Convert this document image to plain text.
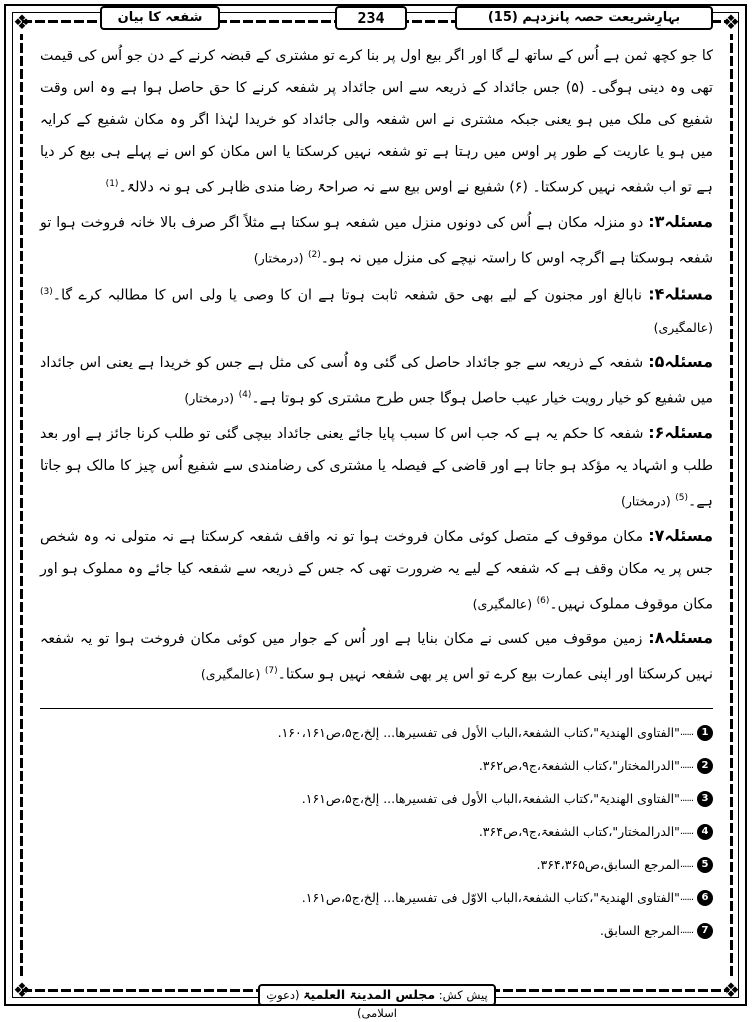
❖	❖
❖	❖
شفعہ کا بیان	234	بہارِشریعت حصہ پانزدہم (15)

کا جو کچھ ثمن ہے اُس کے ساتھ لے گا اور اگر بیع اول پر بنا کرے تو مشتری کے قبضہ کرنے کے دن جو اُس کی قیمت تھی وہ دینی ہوگی۔ (۵) جس جائداد کے ذریعہ سے اس جائداد پر شفعہ کرنے کا حق حاصل ہوا ہے وہ اس وقت شفیع کی ملک میں ہو یعنی جبکہ مشتری نے اس شفعہ والی جائداد کو خریدا لہٰذا اگر وہ مکان شفیع کے کرایہ میں ہو یا عاریت کے طور پر اوس میں رہتا ہے تو شفعہ نہیں کرسکتا یا اس مکان کو اس نے پہلے ہی بیع کر دیا ہے تو اب شفعہ نہیں کرسکتا۔ (۶) شفیع نے اوس بیع سے نہ صراحۃً رضا مندی ظاہر کی ہو نہ دلالۃً۔$^{(1)}$

مسئلہ۳: دو منزلہ مکان ہے اُس کی دونوں منزل میں شفعہ ہو سکتا ہے مثلاً اگر صرف بالا خانہ فروخت ہوا تو شفعہ ہوسکتا ہے اگرچہ اوس کا راستہ نیچے کی منزل میں نہ ہو۔$^{(2)}$ (درمختار)

مسئلہ۴: نابالغ اور مجنون کے لیے بھی حق شفعہ ثابت ہوتا ہے ان کا وصی یا ولی اس کا مطالبہ کرے گا۔$^{(3)}$ (عالمگیری)

مسئلہ۵: شفعہ کے ذریعہ سے جو جائداد حاصل کی گئی وہ اُسی کی مثل ہے جس کو خریدا ہے یعنی اس جائداد میں شفیع کو خیار رویت خیار عیب حاصل ہوگا جس طرح مشتری کو ہوتا ہے۔$^{(4)}$ (درمختار)

مسئلہ۶: شفعہ کا حکم یہ ہے کہ جب اس کا سبب پایا جائے یعنی جائداد بیچی گئی تو طلب کرنا جائز ہے اور بعد طلب و اشہاد یہ مؤکد ہو جاتا ہے اور قاضی کے فیصلہ یا مشتری کی رضامندی سے شفیع اُس چیز کا مالک ہو جاتا ہے۔$^{(5)}$ (درمختار)

مسئلہ۷: مکان موقوف کے متصل کوئی مکان فروخت ہوا تو نہ واقف شفعہ کرسکتا ہے نہ متولی نہ وہ شخص جس پر یہ مکان وقف ہے کہ شفعہ کے لیے یہ ضرورت تھی کہ جس کے ذریعہ سے شفعہ کیا جائے وہ مملوک ہو اور مکان موقوف مملوک نہیں۔$^{(6)}$ (عالمگیری)

مسئلہ۸: زمین موقوف میں کسی نے مکان بنایا ہے اور اُس کے جوار میں کوئی مکان فروخت ہوا تو یہ شفعہ نہیں کرسکتا اور اپنی عمارت بیع کرے تو اس پر بھی شفعہ نہیں ہو سکتا۔$^{(7)}$ (عالمگیری)

1
......
"الفتاوی الھندیۃ"،کتاب الشفعۃ،الباب الأول فی تفسیرھا... إلخ،ج۵،ص۱۶۰،۱۶۱.
2
......
"الدرالمختار"،کتاب الشفعۃ،ج۹،ص۳۶۲.
3
......
"الفتاوی الھندیۃ"،کتاب الشفعۃ،الباب الأول فی تفسیرھا... إلخ،ج۵،ص۱۶۱.
4
......
"الدرالمختار"،کتاب الشفعۃ،ج۹،ص۳۶۴.
5
......
المرجع السابق،ص۳۶۴،۳۶۵.
6
......
"الفتاوی الھندیۃ"،کتاب الشفعۃ،الباب الاوّل فی تفسیرھا... إلخ،ج۵،ص۱۶۱.
7
......
المرجع السابق.
پیش کش: مجلس المدینۃ العلمیۃ (دعوتِ اسلامی)
